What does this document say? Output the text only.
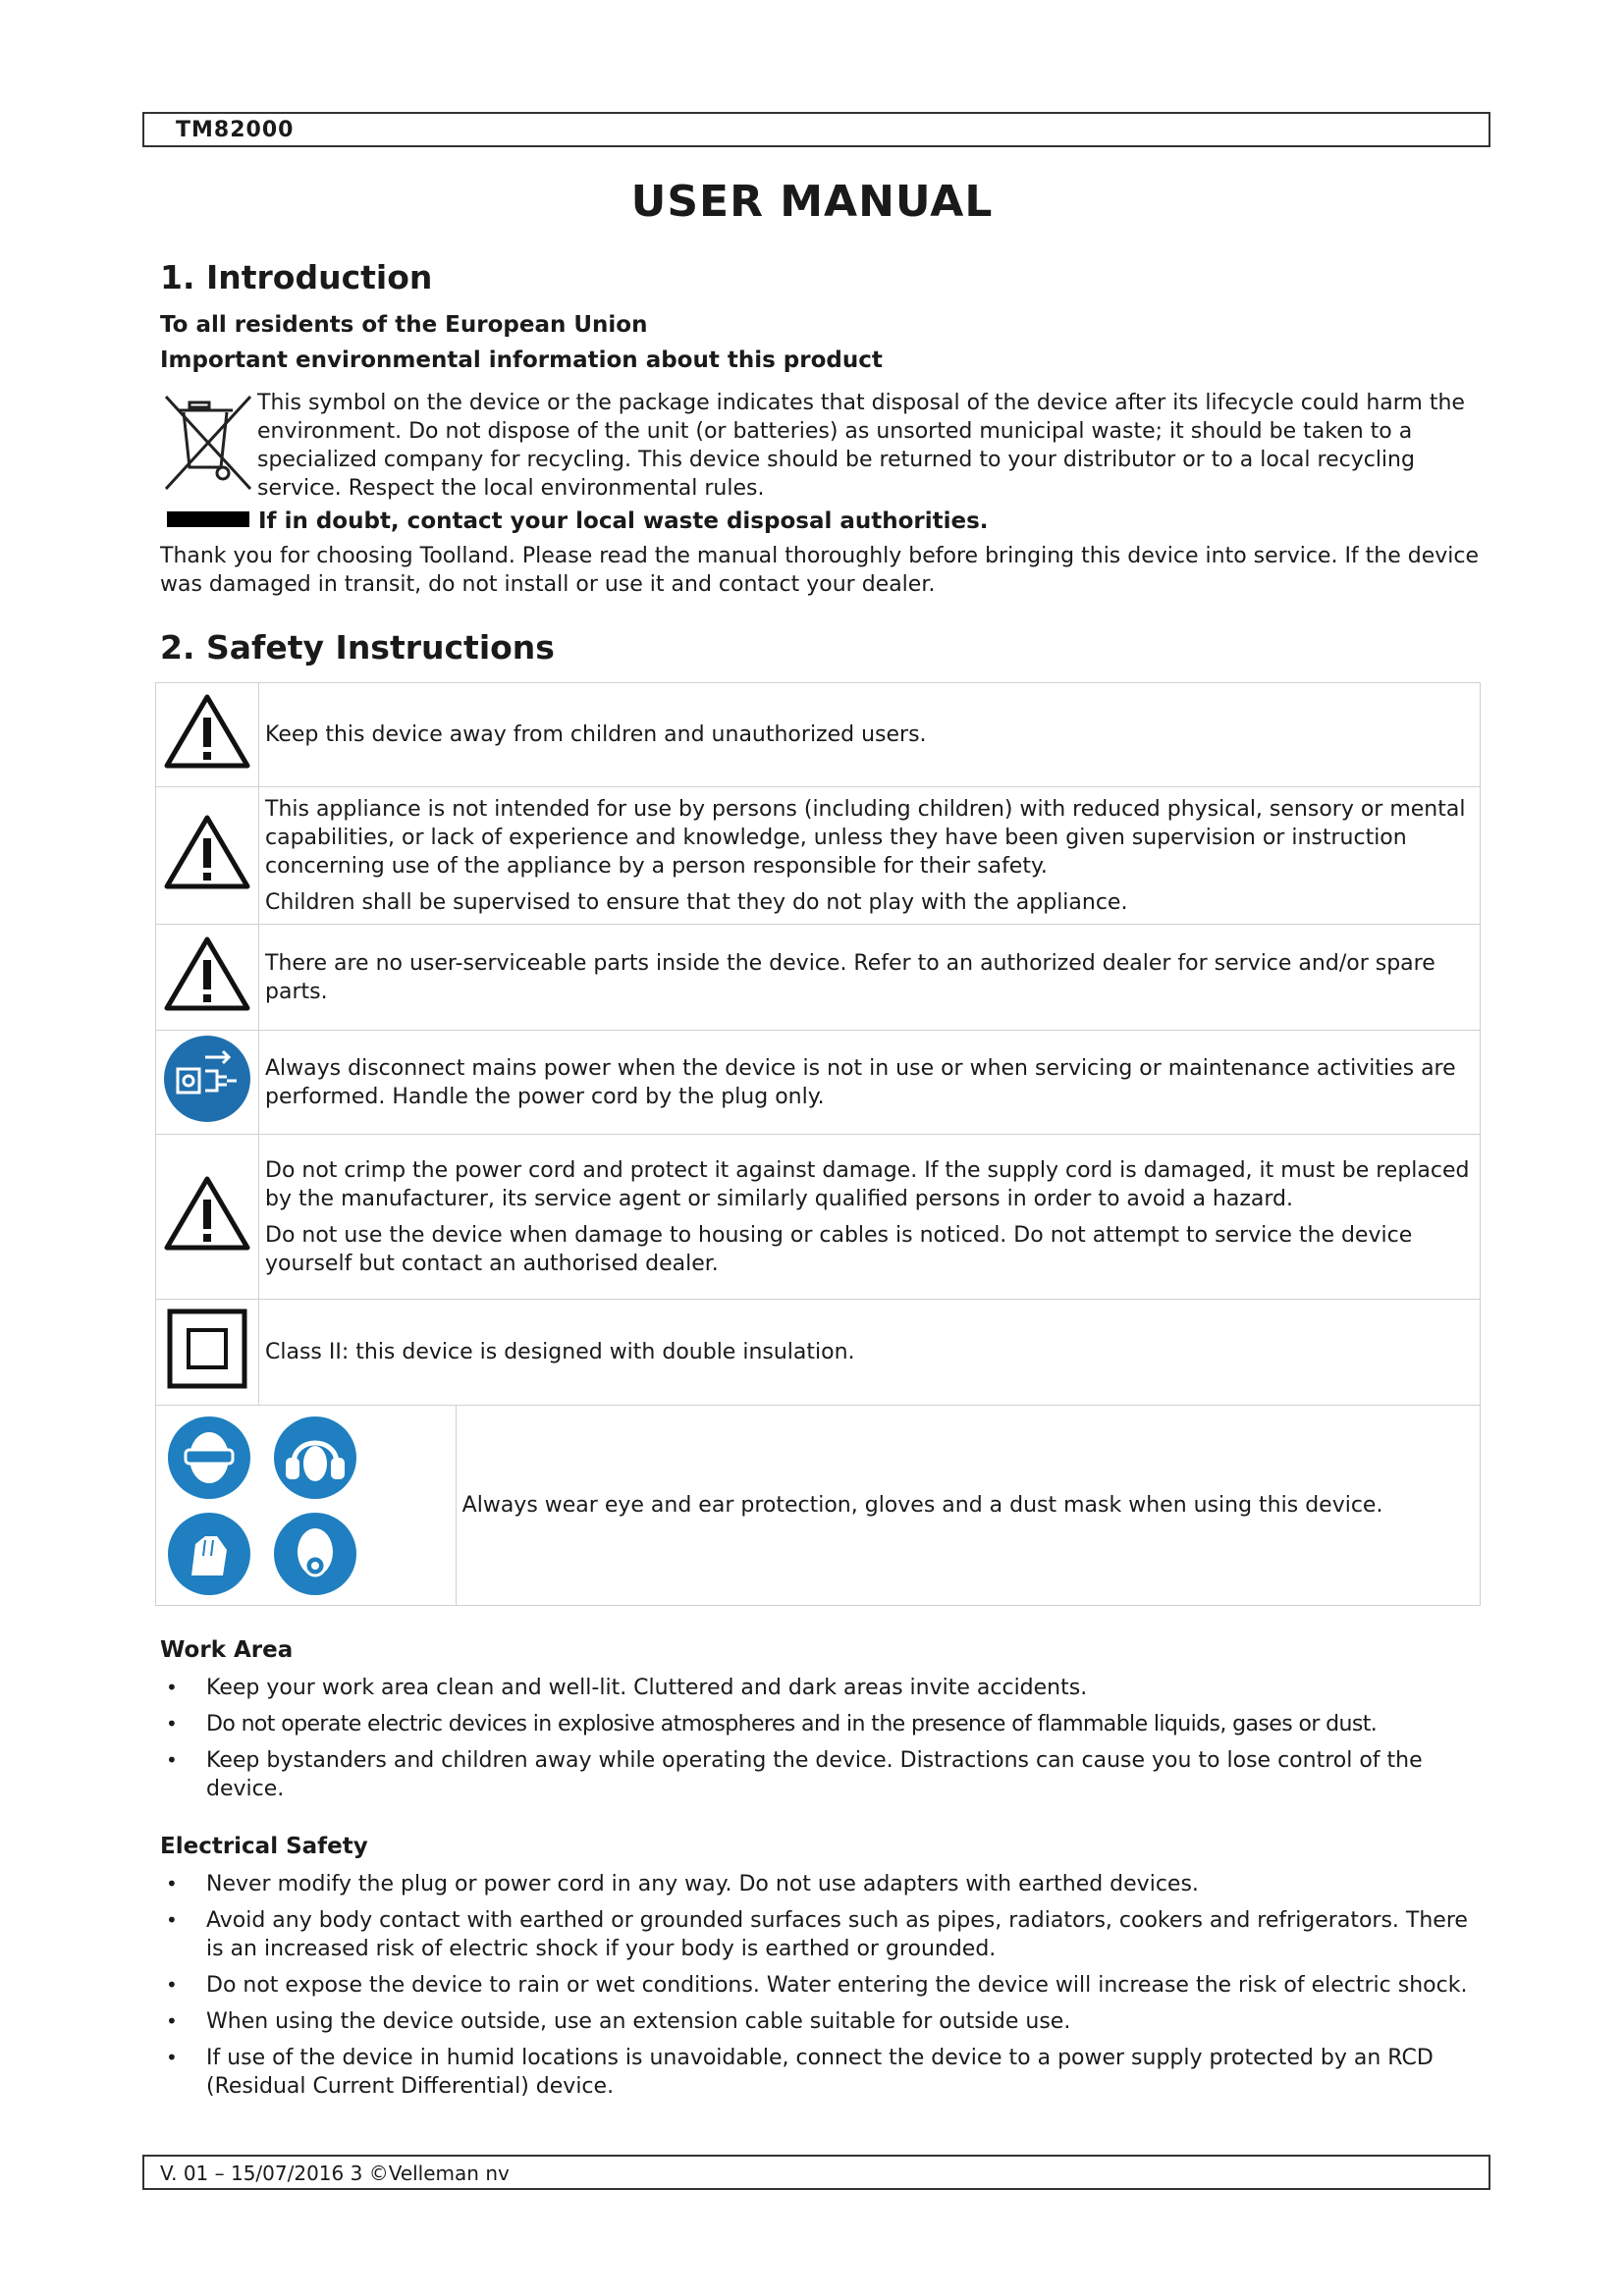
TM82000
USER MANUAL
1. Introduction
To all residents of the European Union
Important environmental information about this product
This symbol on the device or the package indicates that disposal of the device after its lifecycle could harm the environment. Do not dispose of the unit (or batteries) as unsorted municipal waste; it should be taken to a specialized company for recycling. This device should be returned to your distributor or to a local recycling service. Respect the local environmental rules.
If in doubt, contact your local waste disposal authorities.
Thank you for choosing Toolland. Please read the manual thoroughly before bringing this device into service. If the device was damaged in transit, do not install or use it and contact your dealer.
2. Safety Instructions

Keep this device away from children and unauthorized users.	

This appliance is not intended for use by persons (including children) with reduced physical, sensory or mental capabilities, or lack of experience and knowledge, unless they have been given supervision or instruction concerning use of the appliance by a person responsible for their safety.

Children shall be supervised to ensure that they do not play with the appliance.	

There are no user-serviceable parts inside the device. Refer to an authorized dealer for service and/or spare parts.	

Always disconnect mains power when the device is not in use or when servicing or maintenance activities are performed. Handle the power cord by the plug only.	

Do not crimp the power cord and protect it against damage. If the supply cord is damaged, it must be replaced by the manufacturer, its service agent or similarly qualified persons in order to avoid a hazard.

Do not use the device when damage to housing or cables is noticed. Do not attempt to service the device yourself but contact an authorised dealer.	

Class II: this device is designed with double insulation.	

Always wear eye and ear protection, gloves and a dust mask when using this device.

Work Area
• Keep your work area clean and well-lit. Cluttered and dark areas invite accidents.
• Do not operate electric devices in explosive atmospheres and in the presence of flammable liquids, gases or dust.
• Keep bystanders and children away while operating the device. Distractions can cause you to lose control of the device.
Electrical Safety
• Never modify the plug or power cord in any way. Do not use adapters with earthed devices.
• Avoid any body contact with earthed or grounded surfaces such as pipes, radiators, cookers and refrigerators. There is an increased risk of electric shock if your body is earthed or grounded.
• Do not expose the device to rain or wet conditions. Water entering the device will increase the risk of electric shock.
• When using the device outside, use an extension cable suitable for outside use.
• If use of the device in humid locations is unavoidable, connect the device to a power supply protected by an RCD (Residual Current Differential) device.
V. 01 – 15/07/2016 3 ©Velleman nv
